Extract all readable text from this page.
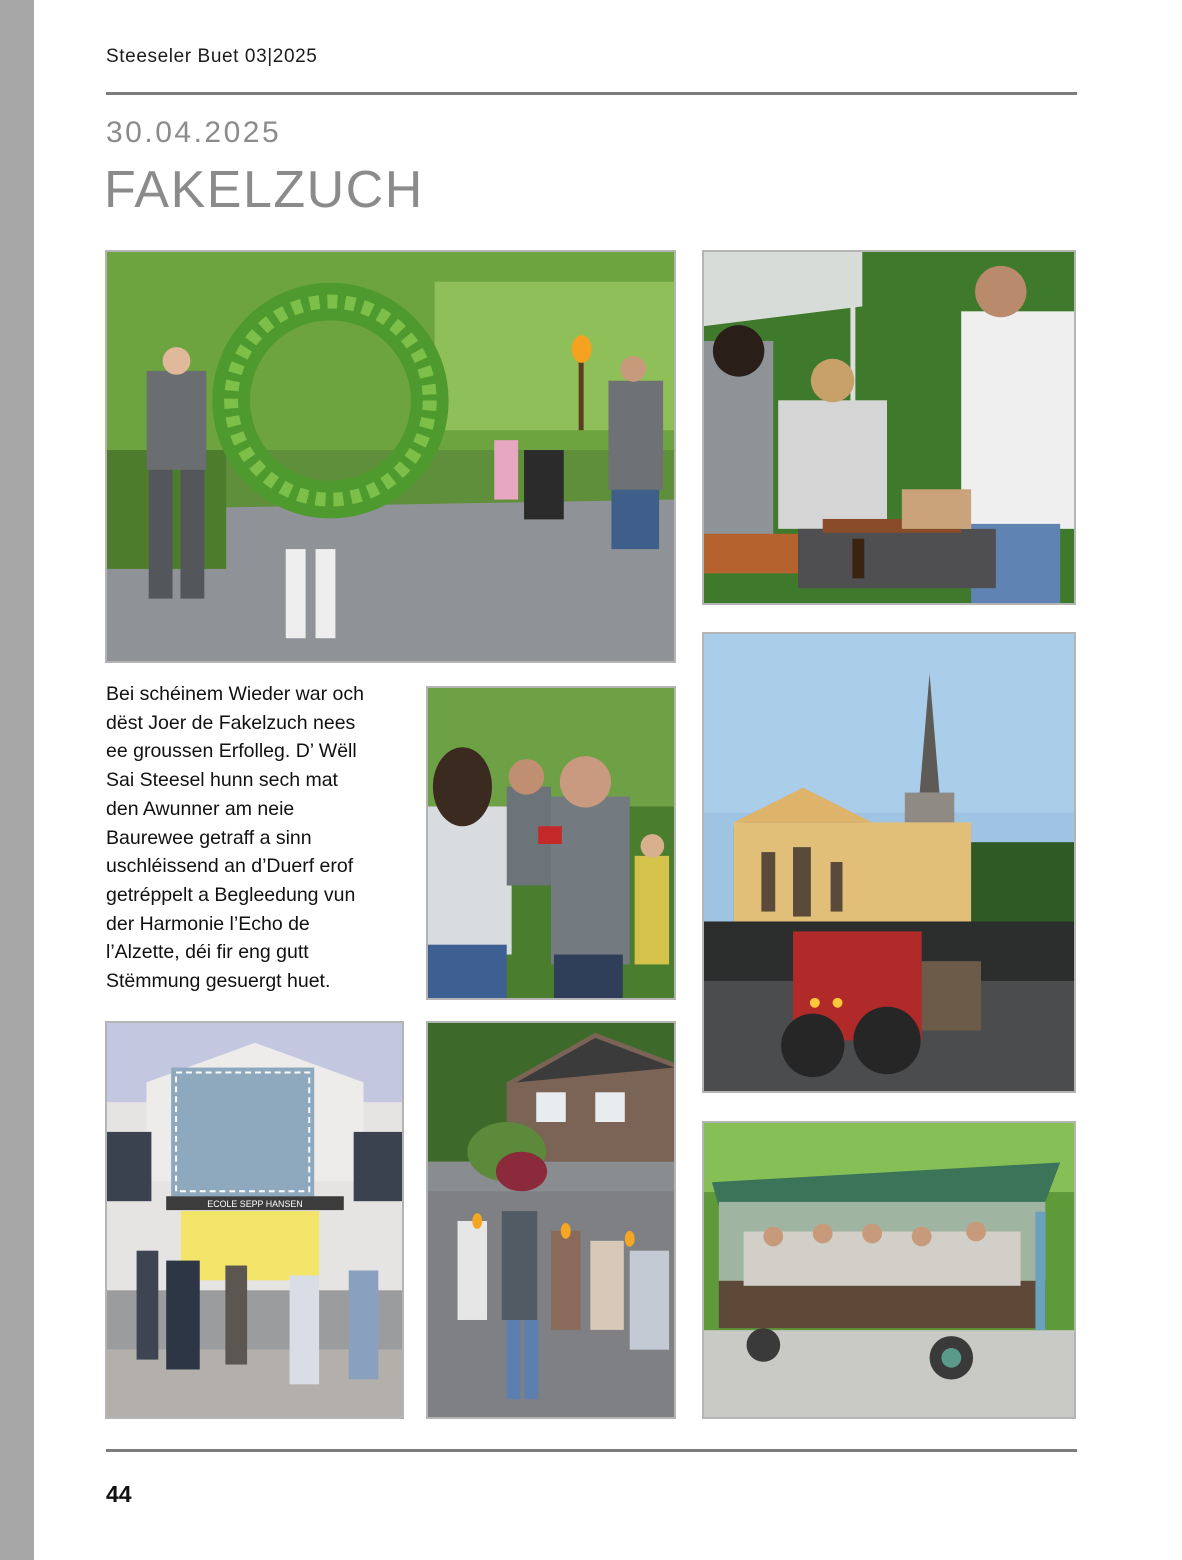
Steeseler Buet 03|2025
30.04.2025
FAKELZUCH

Bei schéinem Wieder war och

dëst Joer de Fakelzuch nees

ee groussen Erfolleg. D’ Wëll

Sai Steesel hunn sech mat

den Awunner am neie

Baurewee getraff a sinn

uschléissend an d’Duerf erof

getréppelt a Begleedung vun

der Harmonie l’Echo de

l’Alzette, déi fir eng gutt

Stëmmung gesuergt huet.

ECOLE SEPP HANSEN
44
